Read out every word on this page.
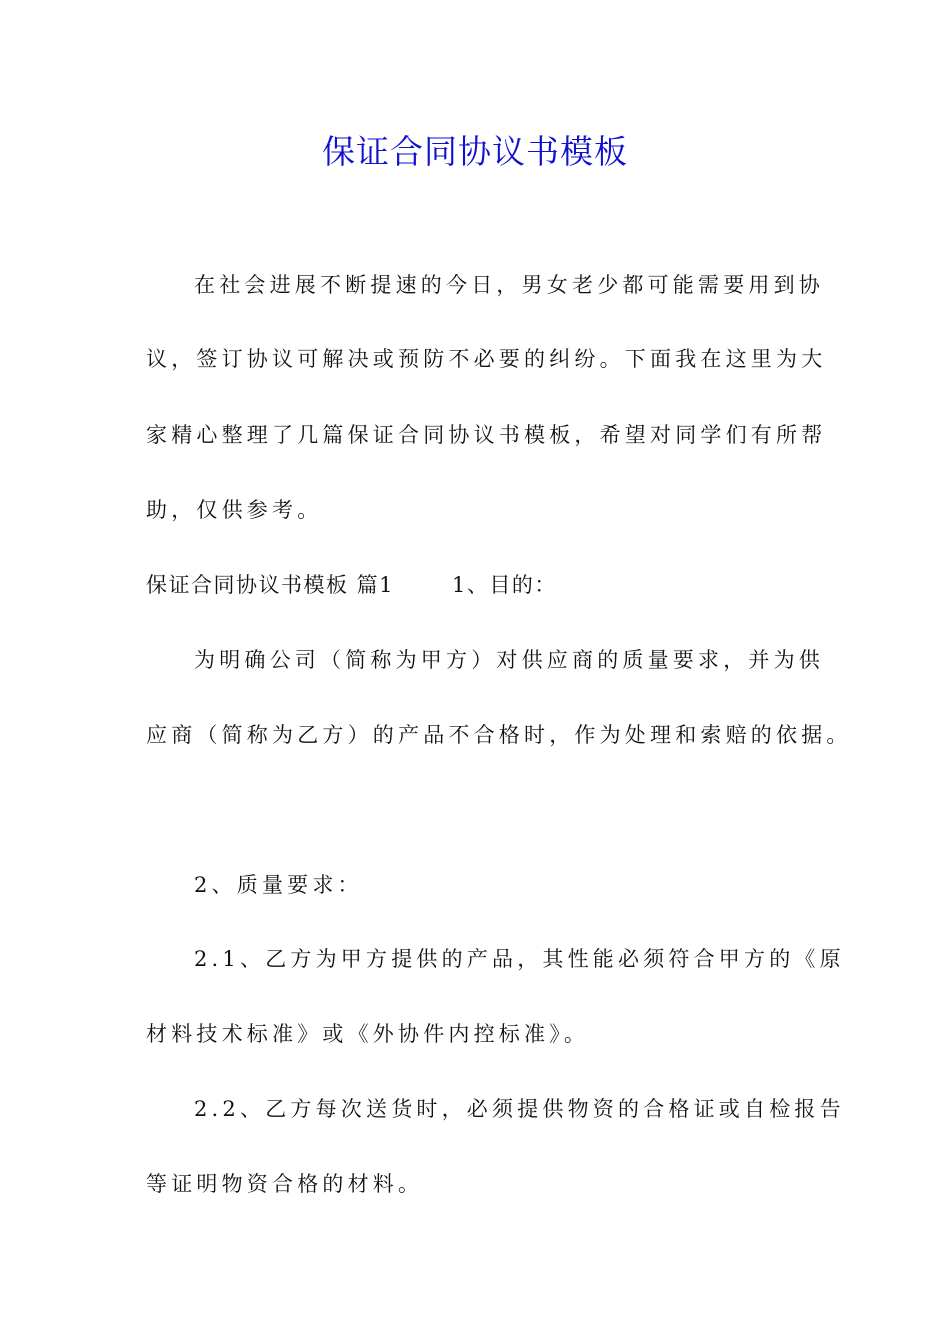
保证合同协议书模板
在社会进展不断提速的今日，男女老少都可能需要用到协
议，签订协议可解决或预防不必要的纠纷。下面我在这里为大
家精心整理了几篇保证合同协议书模板，希望对同学们有所帮
助，仅供参考。
保证合同协议书模板 篇1	1、目的：
为明确公司（简称为甲方）对供应商的质量要求，并为供
应商（简称为乙方）的产品不合格时，作为处理和索赔的依据。
2、质量要求：
2.1、乙方为甲方提供的产品，其性能必须符合甲方的《原
材料技术标准》或《外协件内控标准》。
2.2、乙方每次送货时，必须提供物资的合格证或自检报告
等证明物资合格的材料。
